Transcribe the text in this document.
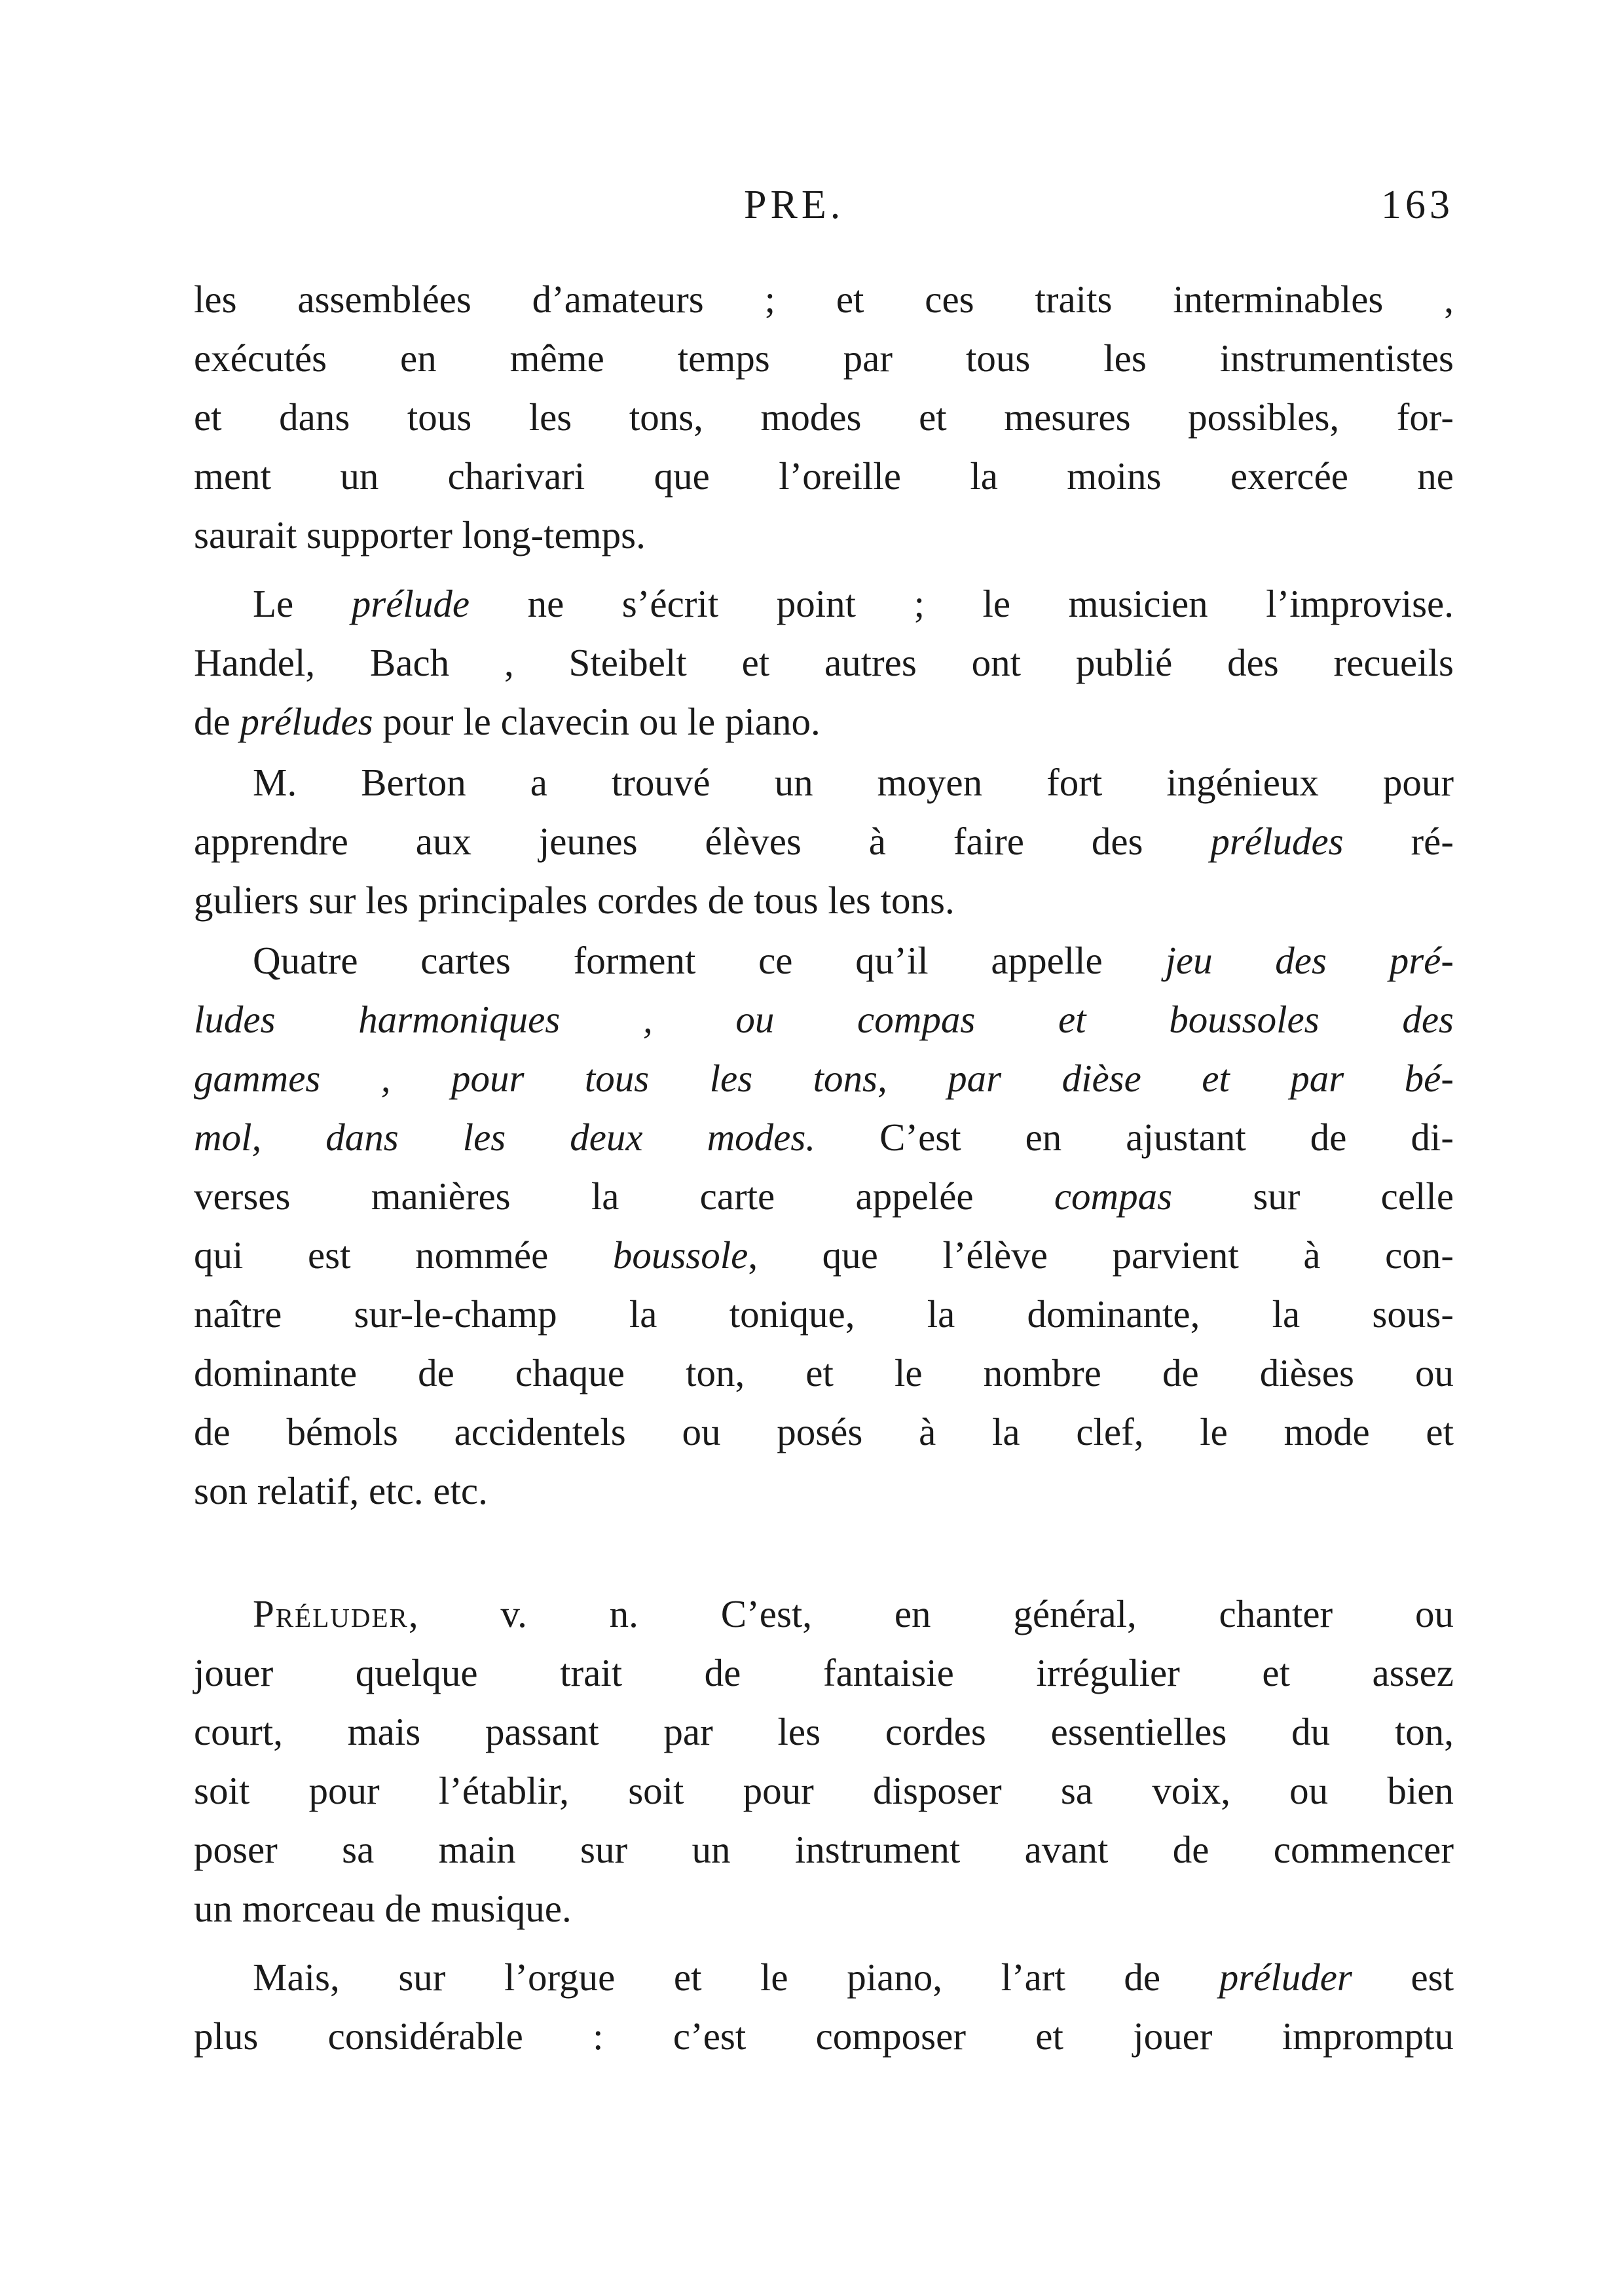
PRE.	163
les assemblées d’amateurs ; et ces traits interminables ,
exécutés en même temps par tous les instrumentistes
et dans tous les tons, modes et mesures possibles, for-
ment un charivari que l’oreille la moins exercée ne
saurait supporter long-temps.
Le prélude ne s’écrit point ; le musicien l’improvise.
Handel, Bach , Steibelt et autres ont publié des recueils
de préludes pour le clavecin ou le piano.
M. Berton a trouvé un moyen fort ingénieux pour
apprendre aux jeunes élèves à faire des préludes ré-
guliers sur les principales cordes de tous les tons.
Quatre cartes forment ce qu’il appelle jeu des pré-
ludes harmoniques , ou compas et boussoles des
gammes , pour tous les tons, par dièse et par bé-
mol, dans les deux modes. C’est en ajustant de di-
verses manières la carte appelée compas sur celle
qui est nommée boussole, que l’élève parvient à con-
naître sur-le-champ la tonique, la dominante, la sous-
dominante de chaque ton, et le nombre de dièses ou
de bémols accidentels ou posés à la clef, le mode et
son relatif, etc. etc.
Préluder, v. n. C’est, en général, chanter ou
jouer quelque trait de fantaisie irrégulier et assez
court, mais passant par les cordes essentielles du ton,
soit pour l’établir, soit pour disposer sa voix, ou bien
poser sa main sur un instrument avant de commencer
un morceau de musique.
Mais, sur l’orgue et le piano, l’art de préluder est
plus considérable : c’est composer et jouer impromptu
